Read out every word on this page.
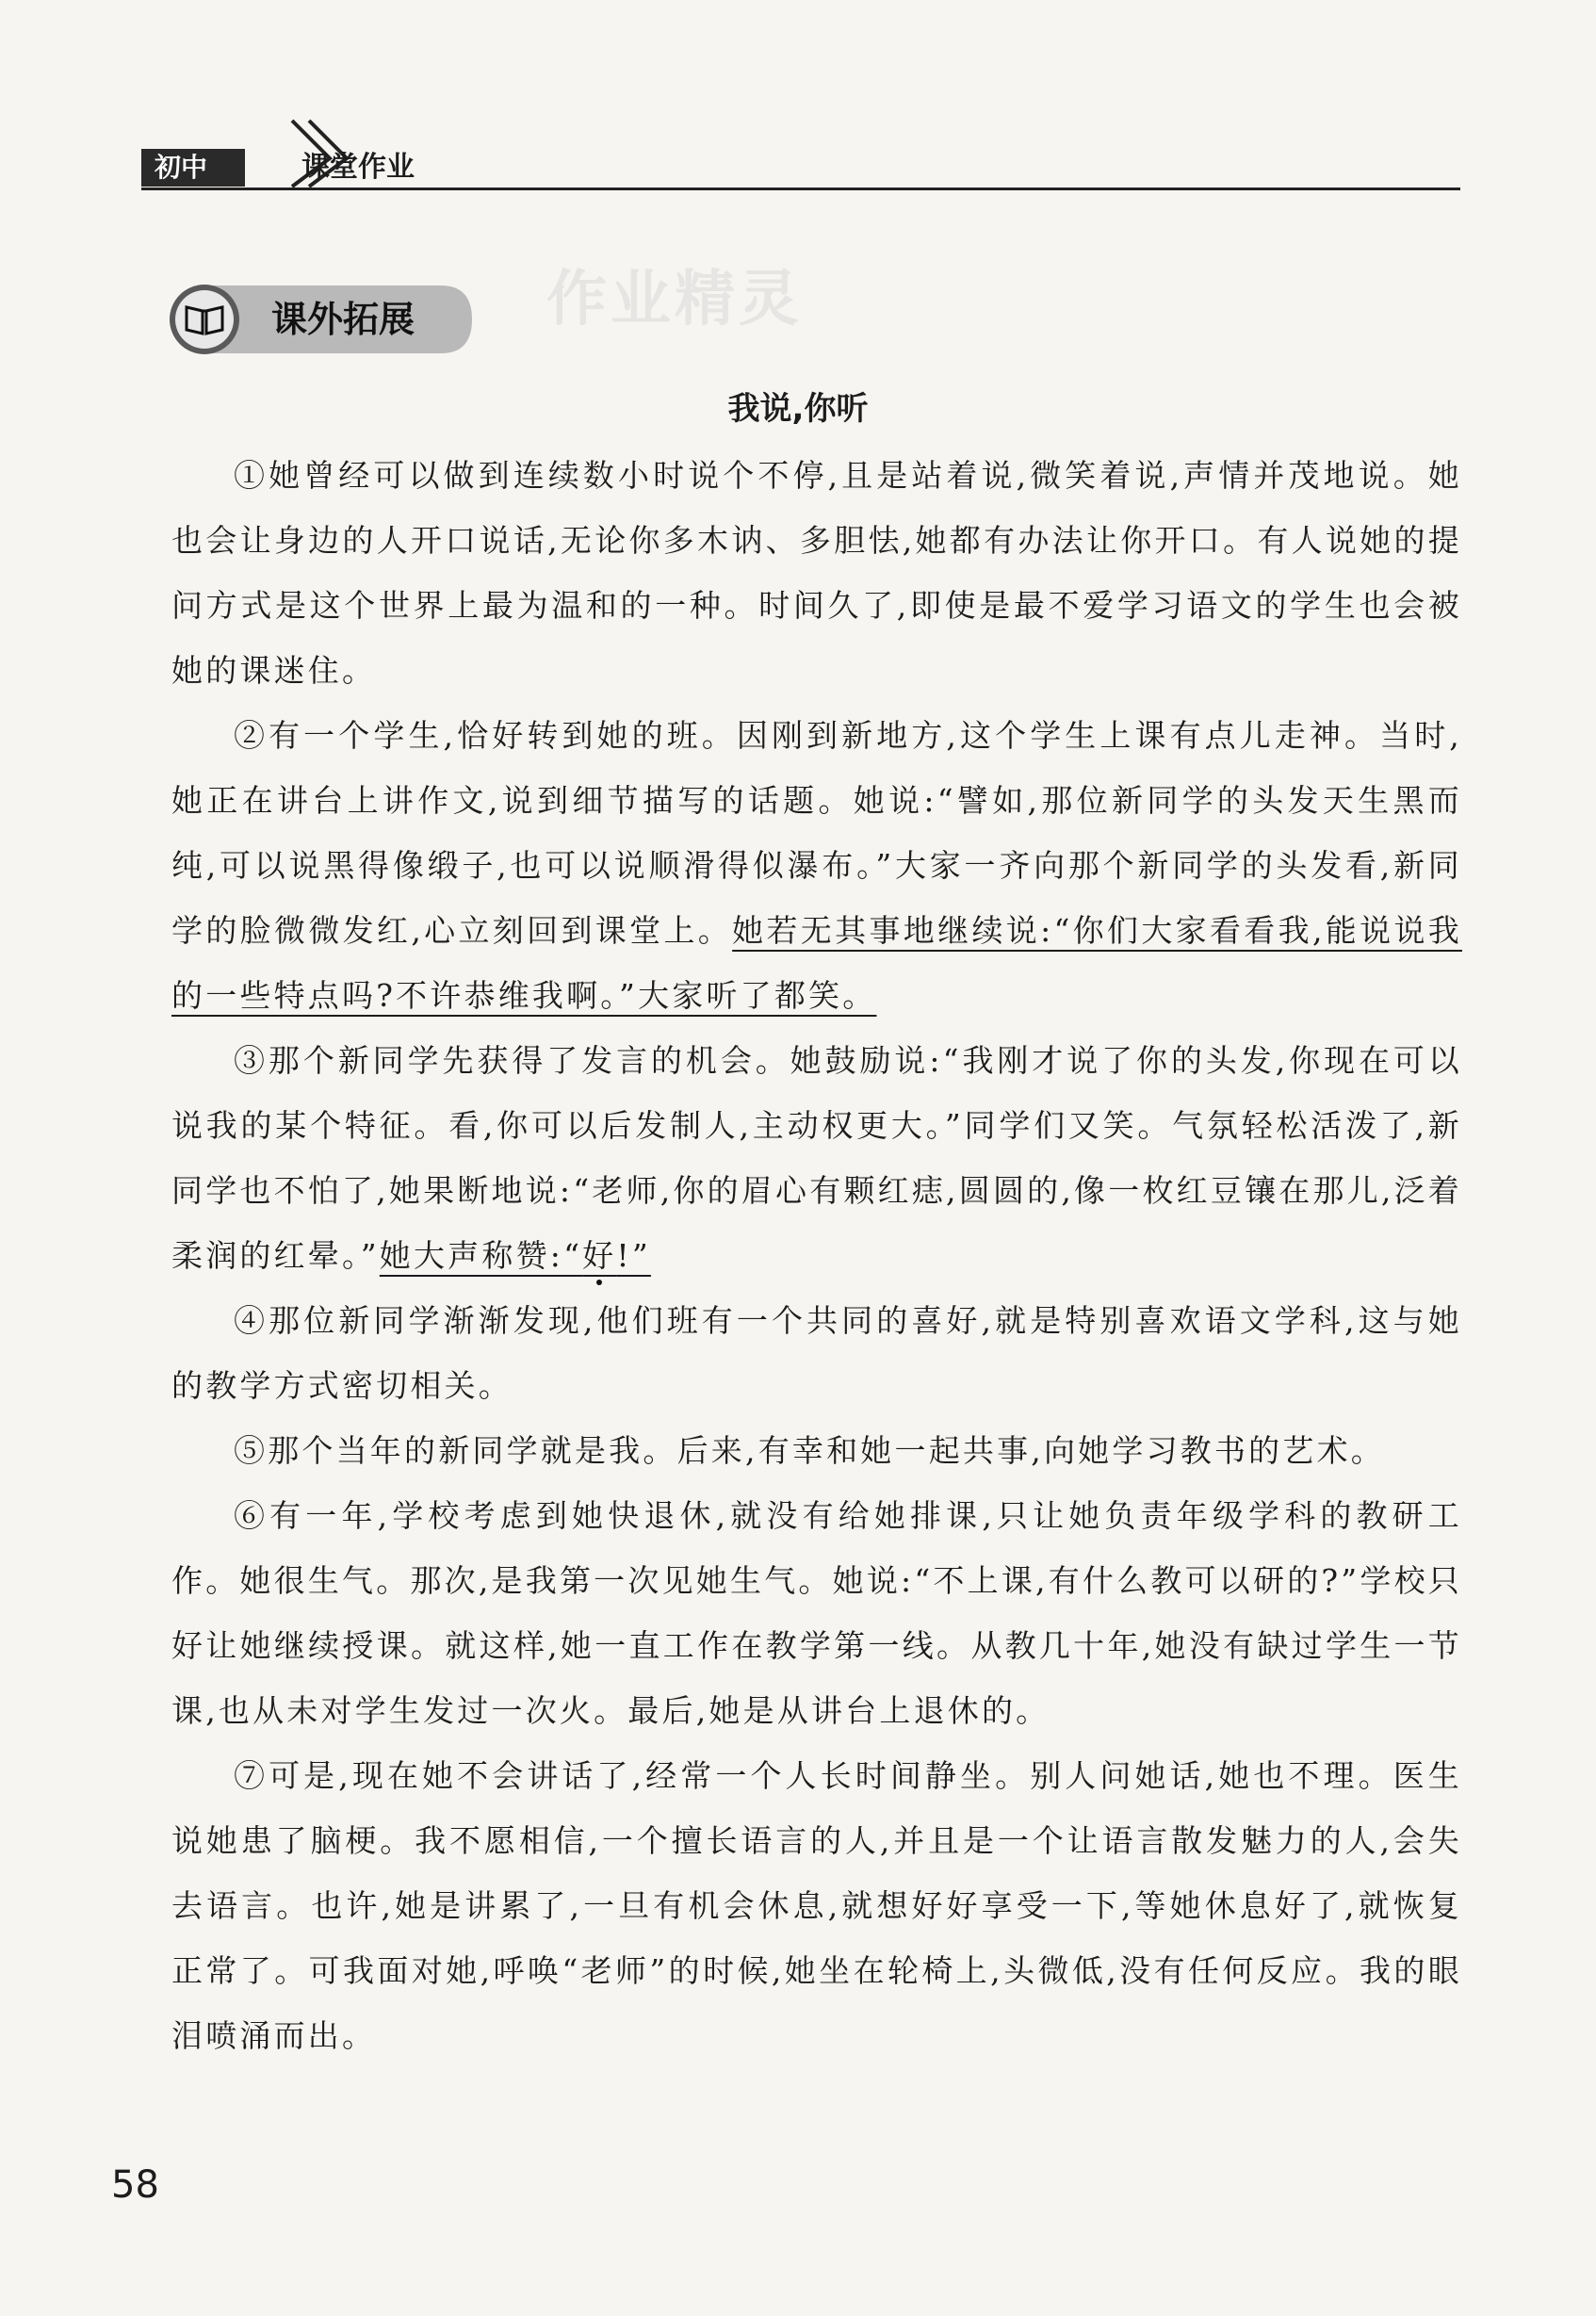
初中	课堂作业
作业精灵
课外拓展
我说,你听

①她曾经可以做到连续数小时说个不停,且是站着说,微笑着说,声情并茂地说。她也会让身边的人开口说话,无论你多木讷、多胆怯,她都有办法让你开口。有人说她的提问方式是这个世界上最为温和的一种。时间久了,即使是最不爱学习语文的学生也会被她的课迷住。

②有一个学生,恰好转到她的班。因刚到新地方,这个学生上课有点儿走神。当时,她正在讲台上讲作文,说到细节描写的话题。她说:“譬如,那位新同学的头发天生黑而纯,可以说黑得像缎子,也可以说顺滑得似瀑布。”大家一齐向那个新同学的头发看,新同学的脸微微发红,心立刻回到课堂上。她若无其事地继续说:“你们大家看看我,能说说我的一些特点吗?不许恭维我啊。”大家听了都笑。

③那个新同学先获得了发言的机会。她鼓励说:“我刚才说了你的头发,你现在可以说我的某个特征。看,你可以后发制人,主动权更大。”同学们又笑。气氛轻松活泼了,新同学也不怕了,她果断地说:“老师,你的眉心有颗红痣,圆圆的,像一枚红豆镶在那儿,泛着柔润的红晕。”她大声称赞:“好!”

④那位新同学渐渐发现,他们班有一个共同的喜好,就是特别喜欢语文学科,这与她的教学方式密切相关。

⑤那个当年的新同学就是我。后来,有幸和她一起共事,向她学习教书的艺术。

⑥有一年,学校考虑到她快退休,就没有给她排课,只让她负责年级学科的教研工作。她很生气。那次,是我第一次见她生气。她说:“不上课,有什么教可以研的?”学校只好让她继续授课。就这样,她一直工作在教学第一线。从教几十年,她没有缺过学生一节课,也从未对学生发过一次火。最后,她是从讲台上退休的。

⑦可是,现在她不会讲话了,经常一个人长时间静坐。别人问她话,她也不理。医生说她患了脑梗。我不愿相信,一个擅长语言的人,并且是一个让语言散发魅力的人,会失去语言。也许,她是讲累了,一旦有机会休息,就想好好享受一下,等她休息好了,就恢复正常了。可我面对她,呼唤“老师”的时候,她坐在轮椅上,头微低,没有任何反应。我的眼泪喷涌而出。

58
